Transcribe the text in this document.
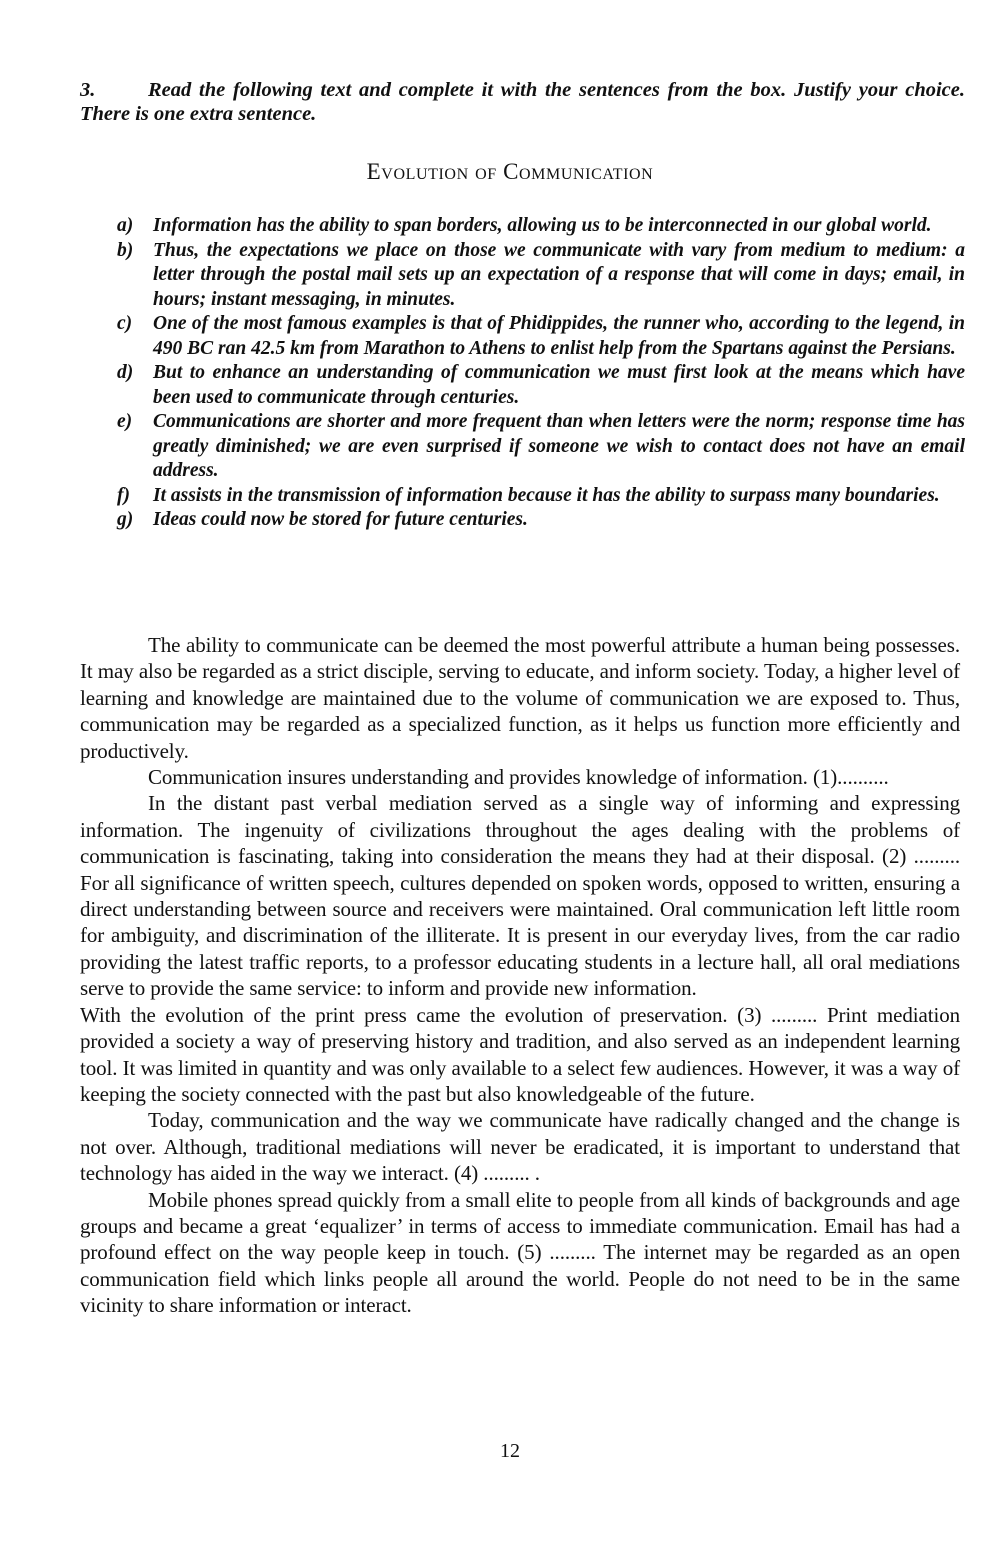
3.	Read the following text and complete it with the sentences from the box. Justify your choice. There is one extra sentence.
Evolution of Communication
a)	Information has the ability to span borders, allowing us to be interconnected in our global world.
b)	Thus, the expectations we place on those we communicate with vary from medium to medium: a letter through the postal mail sets up an expectation of a response that will come in days; email, in hours; instant messaging, in minutes.
c)	One of the most famous examples is that of Phidippides, the runner who, according to the legend, in 490 BC ran 42.5 km from Marathon to Athens to enlist help from the Spartans against the Persians.
d)	But to enhance an understanding of communication we must first look at the means which have been used to communicate through centuries.
e)	Communications are shorter and more frequent than when letters were the norm; response time has greatly diminished; we are even surprised if someone we wish to contact does not have an email address.
f)	It assists in the transmission of information because it has the ability to surpass many boundaries.
g)	Ideas could now be stored for future centuries.

The ability to communicate can be deemed the most powerful attribute a human being possesses. It may also be regarded as a strict disciple, serving to educate, and inform society. Today, a higher level of learning and knowledge are maintained due to the volume of communication we are exposed to. Thus, communication may be regarded as a specialized function, as it helps us function more efficiently and productively.

Communication insures understanding and provides knowledge of information. (1)..........

In the distant past verbal mediation served as a single way of informing and expressing information. The ingenuity of civilizations throughout the ages dealing with the problems of communication is fascinating, taking into consideration the means they had at their disposal. (2) ......... For all significance of written speech, cultures depended on spoken words, opposed to written, ensuring a direct understanding between source and receivers were maintained. Oral communication left little room for ambiguity, and discrimination of the illiterate. It is present in our everyday lives, from the car radio providing the latest traffic reports, to a professor educating students in a lecture hall, all oral mediations serve to provide the same service: to inform and provide new information.

With the evolution of the print press came the evolution of preservation. (3) ......... Print mediation provided a society a way of preserving history and tradition, and also served as an independent learning tool. It was limited in quantity and was only available to a select few audiences. However, it was a way of keeping the society connected with the past but also knowledgeable of the future.

Today, communication and the way we communicate have radically changed and the change is not over. Although, traditional mediations will never be eradicated, it is important to understand that technology has aided in the way we interact. (4) ......... .

Mobile phones spread quickly from a small elite to people from all kinds of backgrounds and age groups and became a great ‘equalizer’ in terms of access to immediate communication. Email has had a profound effect on the way people keep in touch. (5) ......... The internet may be regarded as an open communication field which links people all around the world. People do not need to be in the same vicinity to share information or interact.

12
